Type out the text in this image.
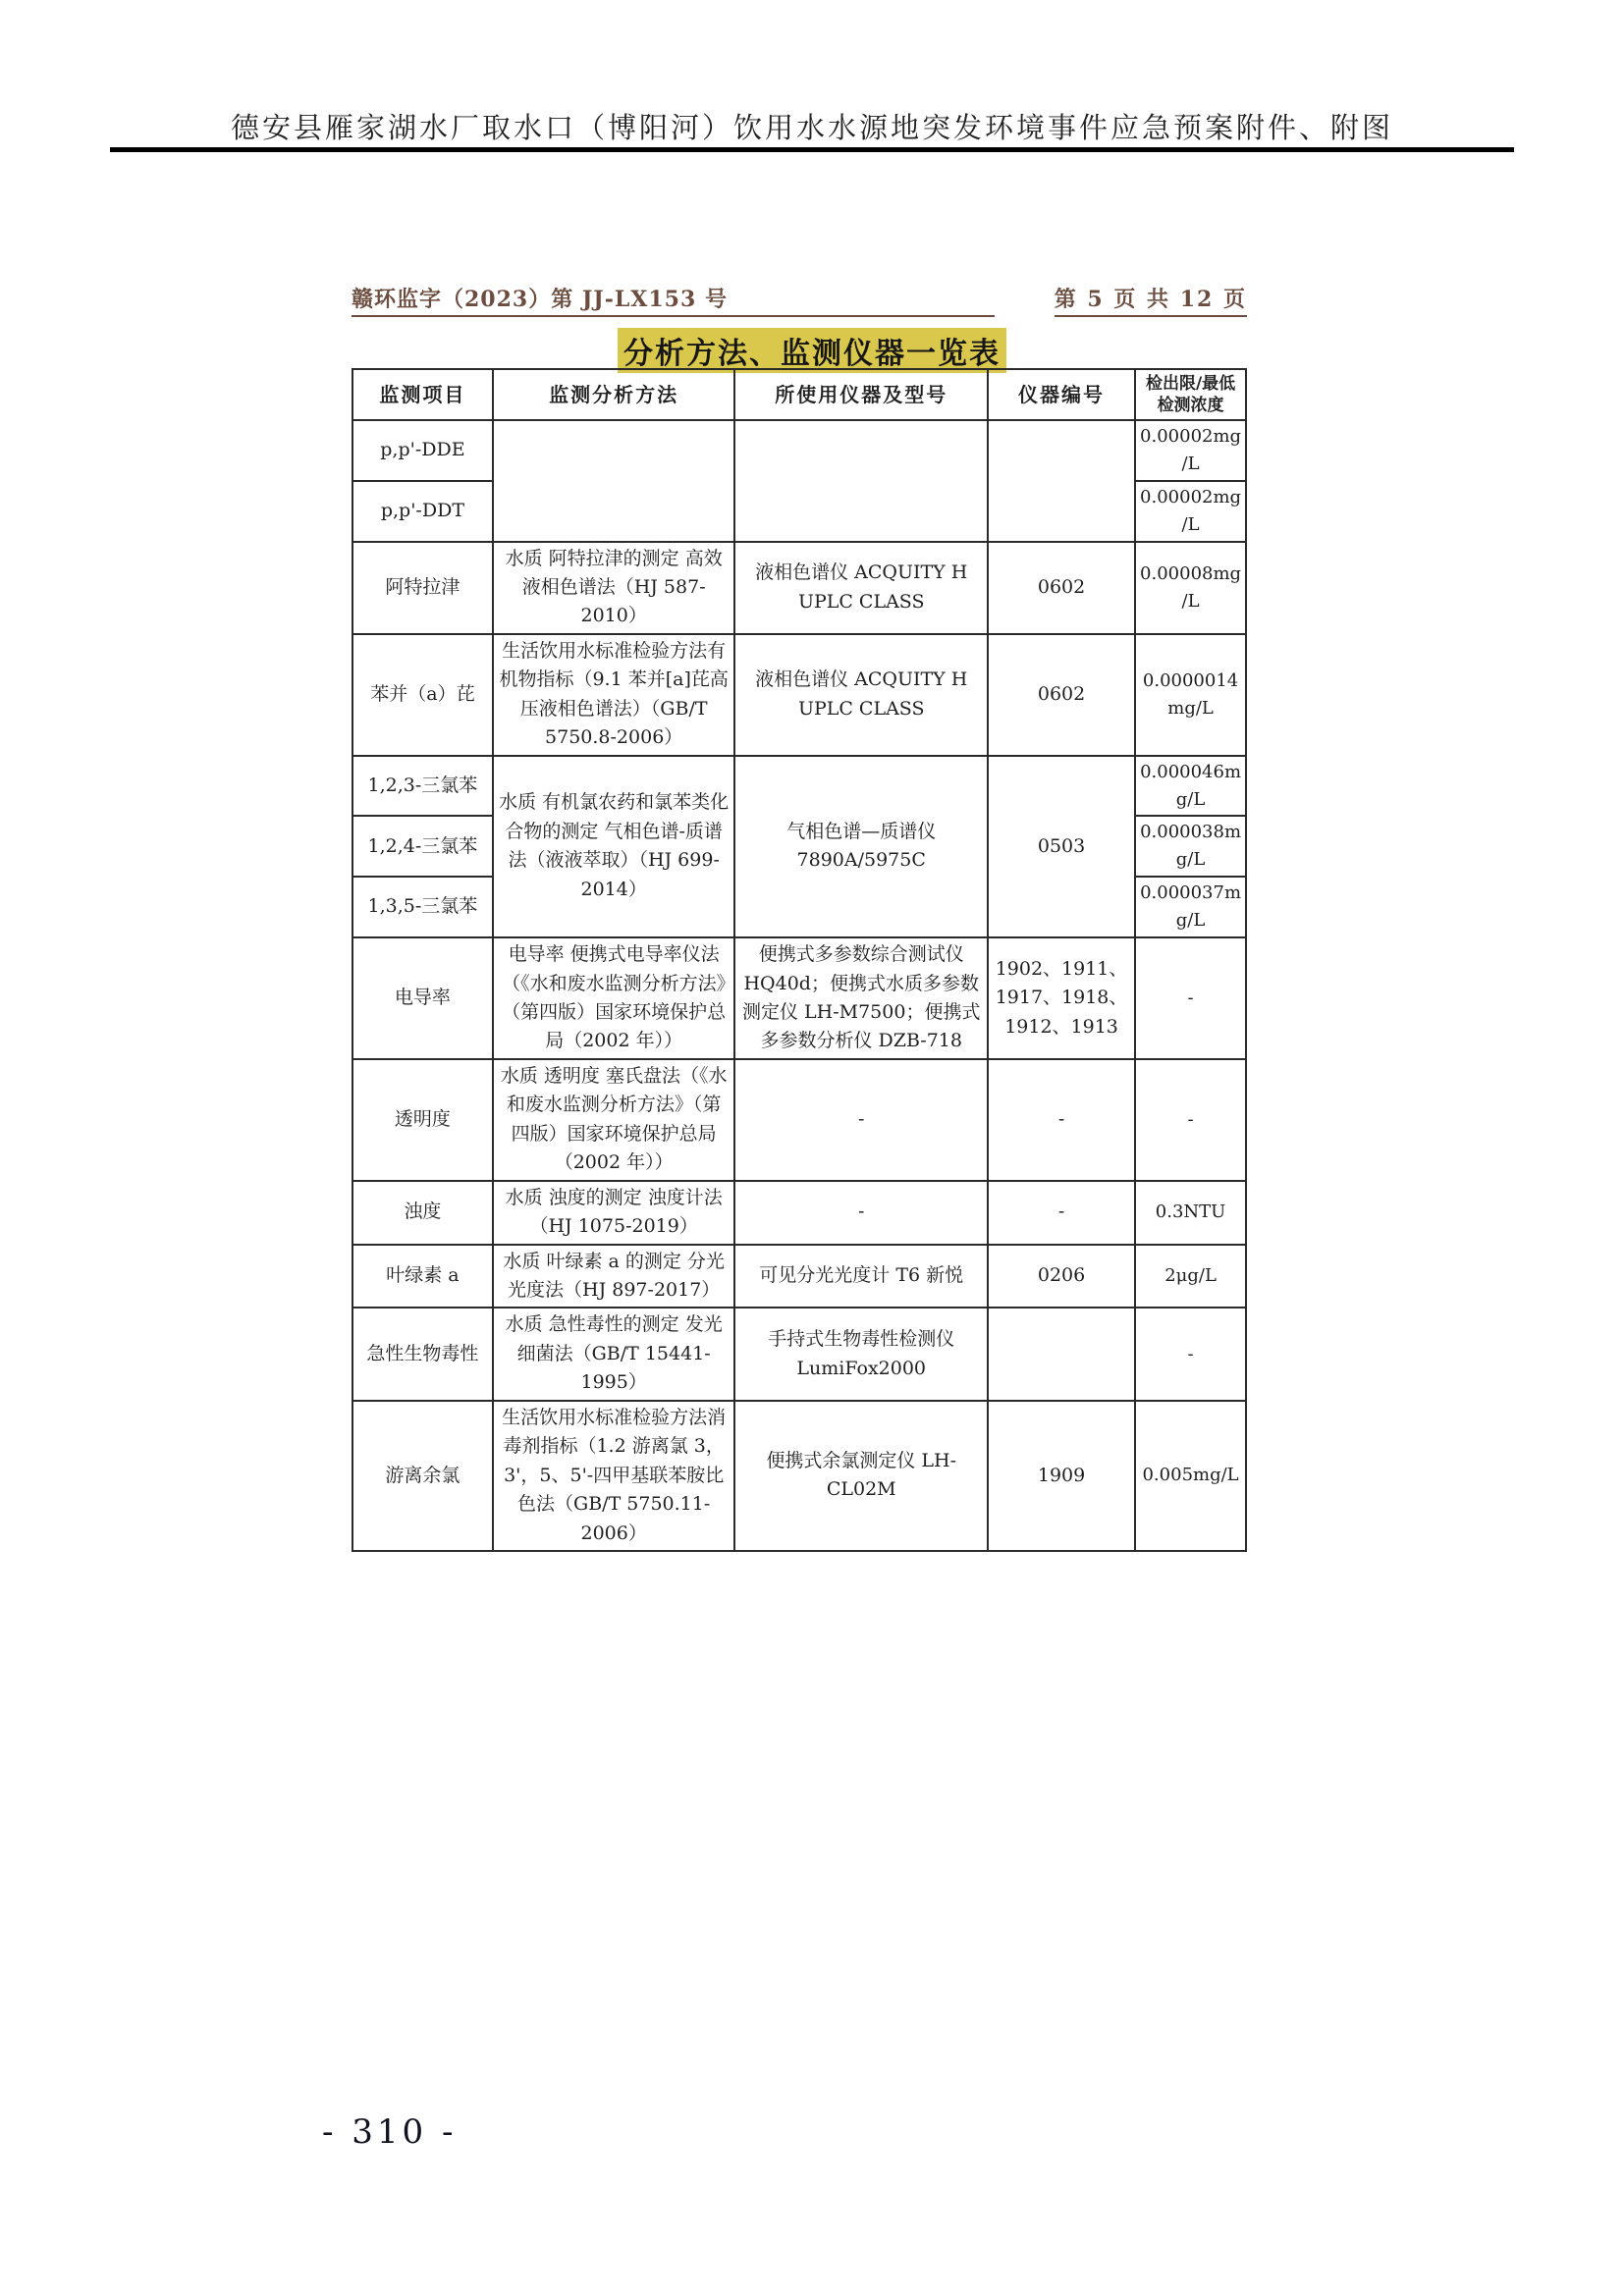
德安县雁家湖水厂取水口（博阳河）饮用水水源地突发环境事件应急预案附件、附图
赣环监字（2023）第 JJ-LX153 号	第 5 页 共 12 页
分析方法、监测仪器一览表
监测项目	监测分析方法	所使用仪器及型号	仪器编号	检出限/最低检测浓度
p,p'-DDE				0.00002mg/L
p,p'-DDT				0.00002mg/L
阿特拉津	水质 阿特拉津的测定 高效液相色谱法（HJ 587-2010）	液相色谱仪 ACQUITY H UPLC CLASS	0602	0.00008mg/L
苯并（a）芘	生活饮用水标准检验方法有机物指标（9.1 苯并[a]芘高压液相色谱法）（GB/T 5750.8-2006）	液相色谱仪 ACQUITY H UPLC CLASS	0602	0.0000014mg/L
1,2,3-三氯苯	水质 有机氯农药和氯苯类化合物的测定 气相色谱-质谱法（液液萃取）（HJ 699-2014）	气相色谱—质谱仪 7890A/5975C	0503	0.000046mg/L
1,2,4-三氯苯				0.000038mg/L
1,3,5-三氯苯				0.000037mg/L
电导率	电导率 便携式电导率仪法（《水和废水监测分析方法》（第四版）国家环境保护总局（2002 年））	便携式多参数综合测试仪 HQ40d；便携式水质多参数测定仪 LH-M7500；便携式多参数分析仪 DZB-718	1902、1911、1917、1918、1912、1913	-
透明度	水质 透明度 塞氏盘法（《水和废水监测分析方法》（第四版）国家环境保护总局（2002 年））	-	-	-
浊度	水质 浊度的测定 浊度计法（HJ 1075-2019）	-	-	0.3NTU
叶绿素 a	水质 叶绿素 a 的测定 分光光度法（HJ 897-2017）	可见分光光度计 T6 新悦	0206	2μg/L
急性生物毒性	水质 急性毒性的测定 发光细菌法（GB/T 15441-1995）	手持式生物毒性检测仪 LumiFox2000		-
游离余氯	生活饮用水标准检验方法消毒剂指标（1.2 游离氯 3，3'，5、5'-四甲基联苯胺比色法（GB/T 5750.11-2006）	便携式余氯测定仪 LH-CL02M	1909	0.005mg/L
- 310 -
